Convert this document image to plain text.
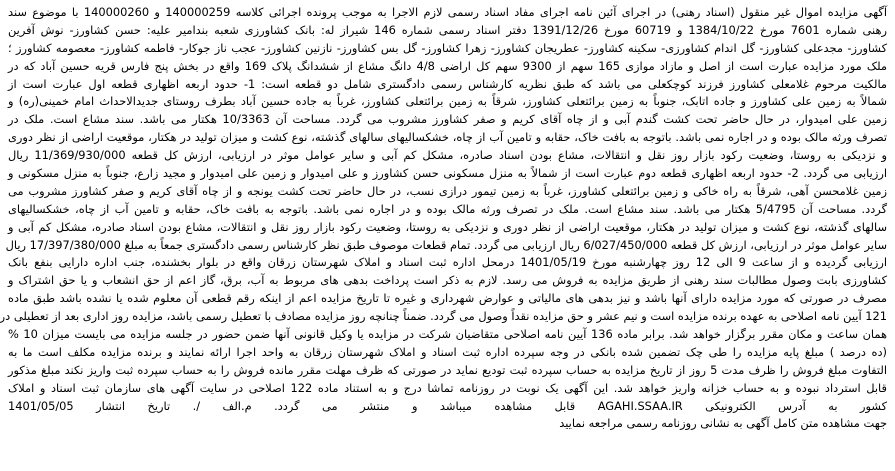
آگهی مزایده اموال غیر منقول (اسناد رهنی) در اجرای آئین نامه اجرای مفاد اسناد رسمی لازم الاجرا به موجب پرونده اجرائی کلاسه 140000259 و 140000260 با موضوع سند
رهنی شماره 7601 مورخ 1384/10/22 و 60719 مورخ 1391/12/26 دفتر اسناد رسمی شماره 146 شیراز له: بانک کشاورزی شعبه بندامیر علیه: حسن کشاورز- نوش آفرین
کشاورز- مجدعلی کشاورز- گل اندام کشاورزی- سکینه کشاورز- عطریجان کشاورز- زهرا کشاورز- گل بس کشاورز- نازنین کشاورز- عجب ناز جوکار- فاطمه کشاورز- معصومه کشاورز ؛
ملک مورد مزایده عبارت است از اصل و مازاد موازی 165 سهم از 9300 سهم کل اراضی 4/8 دانگ مشاع از ششدانگ پلاک 169 واقع در بخش پنج فارس قریه حسین آباد که در
مالکیت مرحوم غلامعلی کشاورز فرزند کوچکعلی می باشد که طبق نظریه کارشناس رسمی دادگستری شامل دو قطعه است: 1- حدود اربعه اظهاری قطعه اول عبارت است از
شمالاً به زمین علی کشاورز و جاده اتابک، جنوباً به زمین برائتعلی کشاورز، شرقاً به زمین برائتعلی کشاورز، غرباً به جاده حسین آباد بطرف روستای جدیدالاحداث امام خمینی(ره) و
زمین علی امیدوار، در حال حاضر تحت کشت گندم آبی و از چاه آقای کریم و صفر کشاورز مشروب می گردد. مساحت آن 10/3363 هکتار می باشد. سند مشاع است. ملک در
تصرف ورثه مالک بوده و در اجاره نمی باشد. باتوجه به بافت خاک، حقابه و تامین آب از چاه، خشکسالیهای سالهای گذشته، نوع کشت و میزان تولید در هکتار، موقعیت اراضی از نظر دوری
و نزدیکی به روستا، وضعیت رکود بازار روز نقل و انتقالات، مشاع بودن اسناد صادره، مشکل کم آبی و سایر عوامل موثر در ارزیابی، ارزش کل قطعه 11/369/930/000 ریال
ارزیابی می گردد. 2- حدود اربعه اظهاری قطعه دوم عبارت است از شمالاً به منزل مسکونی حسن کشاورز و علی امیدوار و زمین علی امیدوار و مجید زارع، جنوباً به منزل مسکونی و
زمین غلامحسن آهی، شرقاً به راه خاکی و زمین برائتعلی کشاورز، غرباً به زمین تیمور درازی نسب، در حال حاضر تحت کشت یونجه و از چاه آقای کریم و صفر کشاورز مشروب می
گردد. مساحت آن 5/4795 هکتار می باشد. سند مشاع است. ملک در تصرف ورثه مالک بوده و در اجاره نمی باشد. باتوجه به بافت خاک، حقابه و تامین آب از چاه، خشکسالیهای
سالهای گذشته، نوع کشت و میزان تولید در هکتار، موقعیت اراضی از نظر دوری و نزدیکی به روستا، وضعیت رکود بازار روز نقل و انتقالات، مشاع بودن اسناد صادره، مشکل کم آبی و
سایر عوامل موثر در ارزیابی، ارزش کل قطعه 6/027/450/000 ریال ارزیابی می گردد. تمام قطعات موصوف طبق نظر کارشناس رسمی دادگستری جمعاً به مبلغ 17/397/380/000 ریال
ارزیابی گردیده و از ساعت 9 الی 12 روز چهارشنبه مورخ 1401/05/19 درمحل اداره ثبت اسناد و املاک شهرستان زرقان واقع در بلوار بخشنده، جنب اداره دارایی بنفع بانک
کشاورزی بابت وصول مطالبات سند رهنی از طریق مزایده به فروش می رسد. لازم به ذکر است پرداخت بدهی های مربوط به آب، برق، گاز اعم از حق انشعاب و یا حق اشتراک و
مصرف در صورتی که مورد مزایده دارای آنها باشد و نیز بدهی های مالیاتی و عوارض شهرداری و غیره تا تاریخ مزایده اعم از اینکه رقم قطعی آن معلوم شده یا نشده باشد طبق ماده
121 آیین نامه اصلاحی به عهده برنده مزایده است و نیم عشر و حق مزایده نقداً وصول می گردد. ضمناً چنانچه روز مزایده مصادف با تعطیل رسمی باشد، مزایده روز اداری بعد از تعطیلی در
همان ساعت و مکان مقرر برگزار خواهد شد. برابر ماده 136 آیین نامه اصلاحی متقاضیان شرکت در مزایده یا وکیل قانونی آنها ضمن حضور در جلسه مزایده می بایست میزان 10 %
(ده درصد ) مبلغ پایه مزایده را طی چک تضمین شده بانکی در وجه سپرده اداره ثبت اسناد و املاک شهرستان زرقان به واحد اجرا ارائه نمایند و برنده مزایده مکلف است ما به
التفاوت مبلغ فروش را ظرف مدت 5 روز از تاریخ مزایده به حساب سپرده ثبت تودیع نماید در صورتی که ظرف مهلت مقرر مانده فروش را به حساب سپرده ثبت واریز نکند مبلغ مذکور
قابل استرداد نبوده و به حساب خزانه واریز خواهد شد. این آگهی یک نوبت در روزنامه تماشا درج و به استناد ماده 122 اصلاحی در سایت آگهی های سازمان ثبت اسناد و املاک
کشور به آدرس الکترونیکی AGAHI.SSAA.IR قابل مشاهده میباشد و منتشر می گردد. م.الف /. تاریخ انتشار 1401/05/05
جهت مشاهده متن کامل آگهی به نشانی روزنامه رسمی مراجعه نمایید
